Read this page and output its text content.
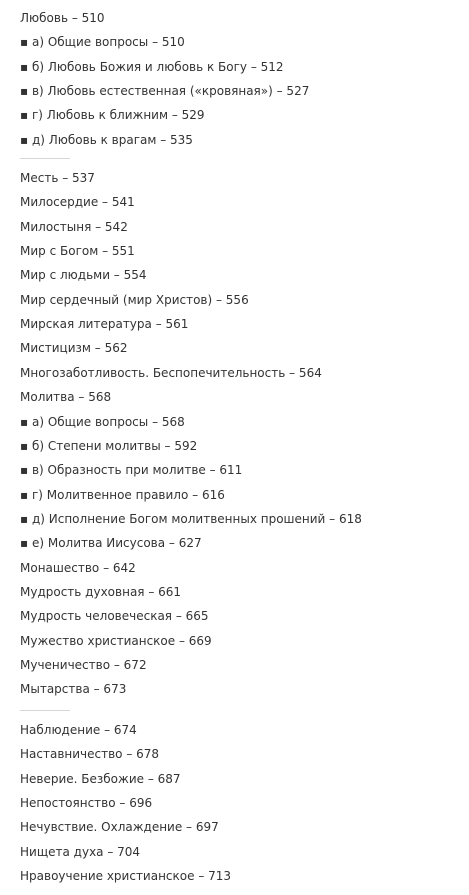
Любовь – 510
▪ а) Общие вопросы – 510
▪ б) Любовь Божия и любовь к Богу – 512
▪ в) Любовь естественная («кровяная») – 527
▪ г) Любовь к ближним – 529
▪ д) Любовь к врагам – 535
Месть – 537
Милосердие – 541
Милостыня – 542
Мир с Богом – 551
Мир с людьми – 554
Мир сердечный (мир Христов) – 556
Мирская литература – 561
Мистицизм – 562
Многозаботливость. Беспопечительность – 564
Молитва – 568
▪ а) Общие вопросы – 568
▪ б) Степени молитвы – 592
▪ в) Образность при молитве – 611
▪ г) Молитвенное правило – 616
▪ д) Исполнение Богом молитвенных прошений – 618
▪ е) Молитва Иисусова – 627
Монашество – 642
Мудрость духовная – 661
Мудрость человеческая – 665
Мужество христианское – 669
Мученичество – 672
Мытарства – 673
Наблюдение – 674
Наставничество – 678
Неверие. Безбожие – 687
Непостоянство – 696
Нечувствие. Охлаждение – 697
Нищета духа – 704
Нравоучение христианское – 713
